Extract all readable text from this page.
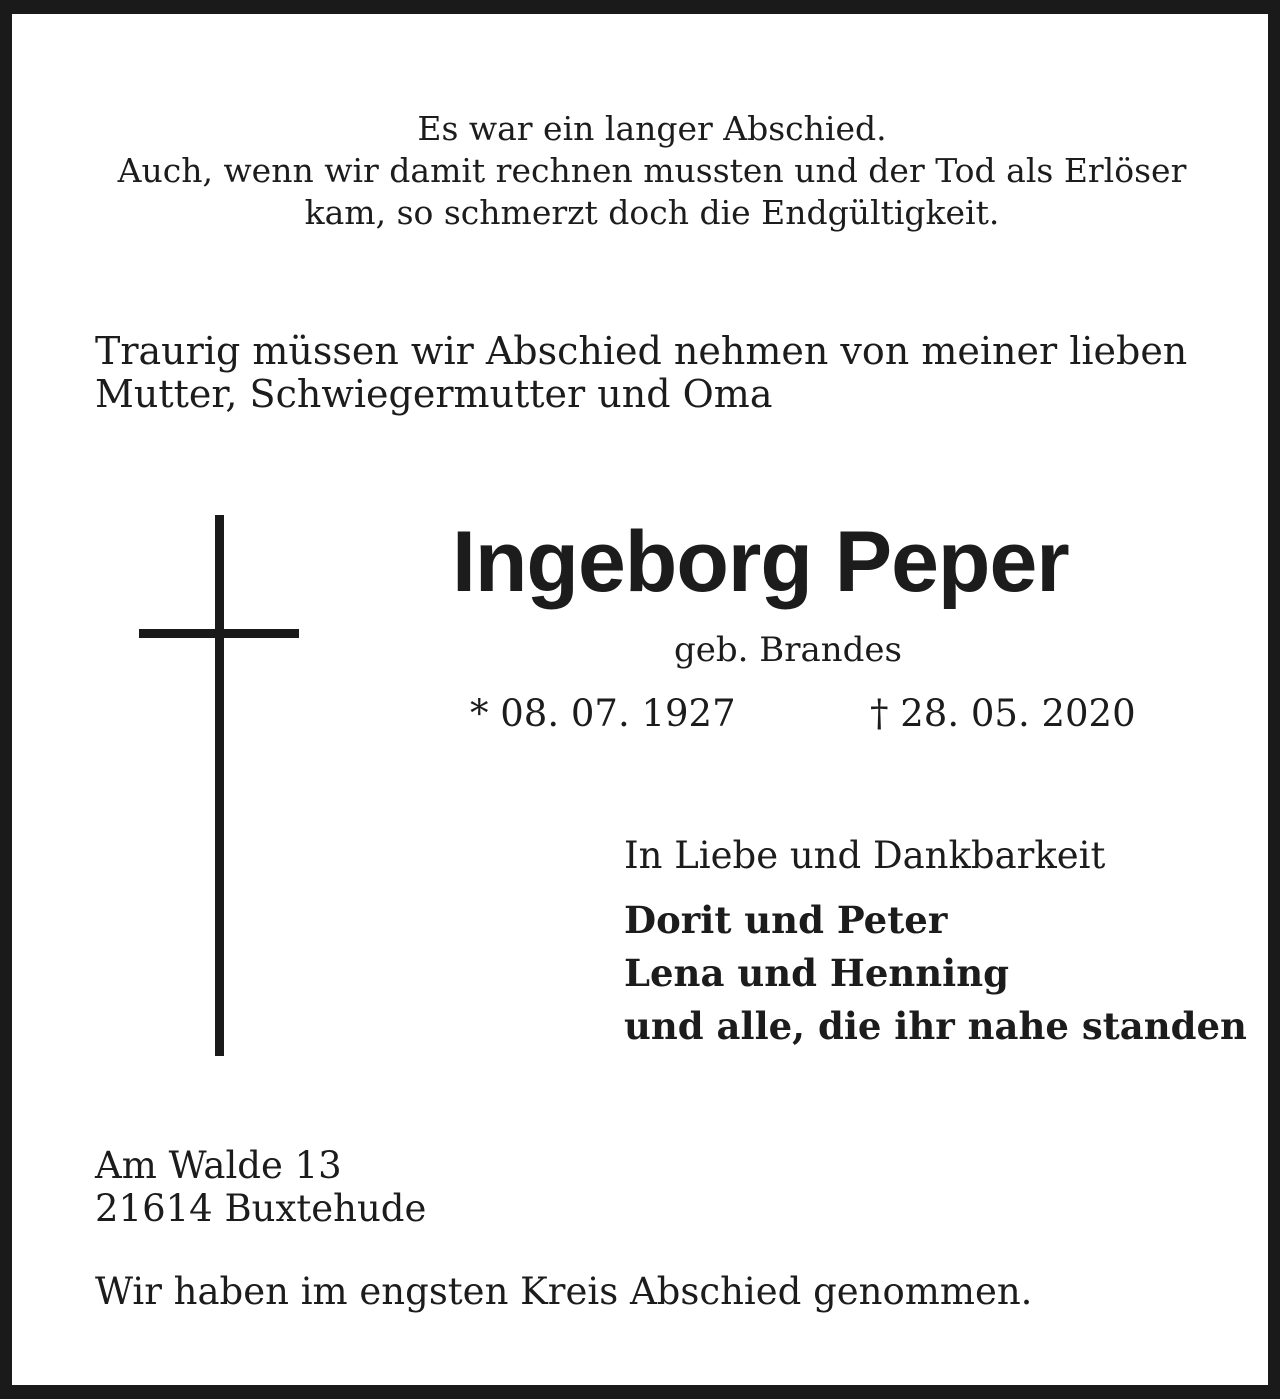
Es war ein langer Abschied.
Auch, wenn wir damit rechnen mussten und der Tod als Erlöser
kam, so schmerzt doch die Endgültigkeit.
Traurig müssen wir Abschied nehmen von meiner lieben
Mutter, Schwiegermutter und Oma
Ingeborg Peper
geb. Brandes
* 08. 07. 1927	† 28. 05. 2020
In Liebe und Dankbarkeit
Dorit und Peter
Lena und Henning
und alle, die ihr nahe standen
Am Walde 13
21614 Buxtehude
Wir haben im engsten Kreis Abschied genommen.
